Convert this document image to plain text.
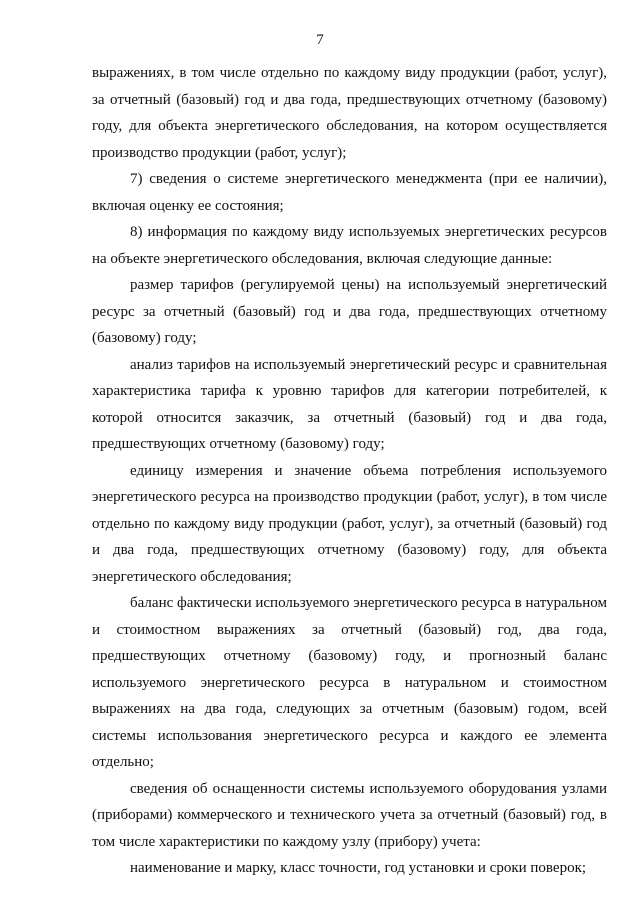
7

выражениях, в том числе отдельно по каждому виду продукции (работ, услуг), за отчетный (базовый) год и два года, предшествующих отчетному (базовому) году, для объекта энергетического обследования, на котором осуществляется производство продукции (работ, услуг);

7) сведения о системе энергетического менеджмента (при ее наличии), включая оценку ее состояния;

8) информация по каждому виду используемых энергетических ресурсов на объекте энергетического обследования, включая следующие данные:

размер тарифов (регулируемой цены) на используемый энергетический ресурс за отчетный (базовый) год и два года, предшествующих отчетному (базовому) году;

анализ тарифов на используемый энергетический ресурс и сравнительная характеристика тарифа к уровню тарифов для категории потребителей, к которой относится заказчик, за отчетный (базовый) год и два года, предшествующих отчетному (базовому) году;

единицу измерения и значение объема потребления используемого энергетического ресурса на производство продукции (работ, услуг), в том числе отдельно по каждому виду продукции (работ, услуг), за отчетный (базовый) год и два года, предшествующих отчетному (базовому) году, для объекта энергетического обследования;

баланс фактически используемого энергетического ресурса в натуральном и стоимостном выражениях за отчетный (базовый) год, два года, предшествующих отчетному (базовому) году, и прогнозный баланс используемого энергетического ресурса в натуральном и стоимостном выражениях на два года, следующих за отчетным (базовым) годом, всей системы использования энергетического ресурса и каждого ее элемента отдельно;

сведения об оснащенности системы используемого оборудования узлами (приборами) коммерческого и технического учета за отчетный (базовый) год, в том числе характеристики по каждому узлу (прибору) учета:

наименование и марку, класс точности, год установки и сроки поверок;
